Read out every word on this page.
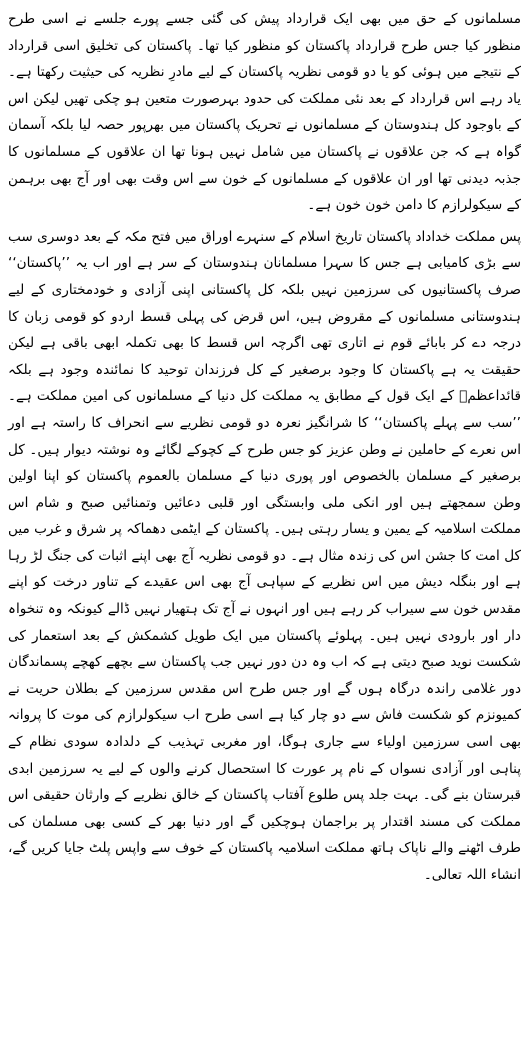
مسلمانوں کے حق میں بھی ایک قرارداد پیش کی گئی جسے پورے جلسے نے اسی طرح منظور کیا جس طرح قرارداد پاکستان کو منظور کیا تھا۔ پاکستان کی تخلیق اسی قرارداد کے نتیجے میں ہوئی کو یا دو قومی نظریہ پاکستان کے لیے مادرِ نظریہ کی حیثیت رکھتا ہے۔ یاد رہے اس قرارداد کے بعد نئی مملکت کی حدود بہرصورت متعین ہو چکی تھیں لیکن اس کے باوجود کل ہندوستان کے مسلمانوں نے تحریک پاکستان میں بھرپور حصہ لیا بلکہ آسمان گواہ ہے کہ جن علاقوں نے پاکستان میں شامل نہیں ہونا تھا ان علاقوں کے مسلمانوں کا جذبہ دیدنی تھا اور ان علاقوں کے مسلمانوں کے خون سے اس وقت بھی اور آج بھی برہمن کے سیکولرازم کا دامن خون خون ہے۔

پس مملکت خداداد پاکستان تاریخ اسلام کے سنہرے اوراق میں فتح مکہ کے بعد دوسری سب سے بڑی کامیابی ہے جس کا سہرا مسلمانان ہندوستان کے سر ہے اور اب یہ ’’پاکستان‘‘ صرف پاکستانیوں کی سرزمین نہیں بلکہ کل پاکستانی اپنی آزادی و خودمختاری کے لیے ہندوستانی مسلمانوں کے مقروض ہیں، اس قرض کی پہلی قسط اردو کو قومی زبان کا درجہ دے کر بابائے قوم نے اتاری تھی اگرچہ اس قسط کا بھی تکملہ ابھی باقی ہے لیکن حقیقت یہ ہے پاکستان کا وجود برصغیر کے کل فرزندان توحید کا نمائندہ وجود ہے بلکہ قائداعظمؒ کے ایک قول کے مطابق یہ مملکت کل دنیا کے مسلمانوں کی امین مملکت ہے۔ ’’سب سے پہلے پاکستان‘‘ کا شرانگیز نعرہ دو قومی نظریے سے انحراف کا راستہ ہے اور اس نعرے کے حاملین نے وطن عزیز کو جس طرح کے کچوکے لگائے وہ نوشتہ دیوار ہیں۔ کل برصغیر کے مسلمان بالخصوص اور پوری دنیا کے مسلمان بالعموم پاکستان کو اپنا اولین وطن سمجھتے ہیں اور انکی ملی وابستگی اور قلبی دعائیں وتمنائیں صبح و شام اس مملکت اسلامیہ کے یمین و یسار رہتی ہیں۔ پاکستان کے ایٹمی دھماکہ پر شرق و غرب میں کل امت کا جشن اس کی زندہ مثال ہے۔ دو قومی نظریہ آج بھی اپنے اثبات کی جنگ لڑ رہا ہے اور بنگلہ دیش میں اس نظریے کے سپاہی آج بھی اس عقیدے کے تناور درخت کو اپنے مقدس خون سے سیراب کر رہے ہیں اور انہوں نے آج تک ہتھیار نہیں ڈالے کیونکہ وہ تنخواہ دار اور بارودی نہیں ہیں۔ پہلوئے پاکستان میں ایک طویل کشمکش کے بعد استعمار کی شکست نوید صبح دیتی ہے کہ اب وہ دن دور نہیں جب پاکستان سے بچھے کھچے پسماندگان دور غلامی راندہ درگاہ ہوں گے اور جس طرح اس مقدس سرزمین کے بطلان حریت نے کمیونزم کو شکست فاش سے دو چار کیا ہے اسی طرح اب سیکولرازم کی موت کا پروانہ بھی اسی سرزمین اولیاء سے جاری ہوگا، اور مغربی تہذیب کے دلدادہ سودی نظام کے پناہی اور آزادی نسواں کے نام پر عورت کا استحصال کرنے والوں کے لیے یہ سرزمین ابدی قبرستان بنے گی۔ بہت جلد پس طلوع آفتاب پاکستان کے خالق نظریے کے وارثان حقیقی اس مملکت کی مسند اقتدار پر براجمان ہوچکیں گے اور دنیا بھر کے کسی بھی مسلمان کی طرف اٹھنے والے ناپاک ہاتھ مملکت اسلامیہ پاکستان کے خوف سے واپس پلٹ جایا کریں گے، انشاء اللہ تعالی۔
